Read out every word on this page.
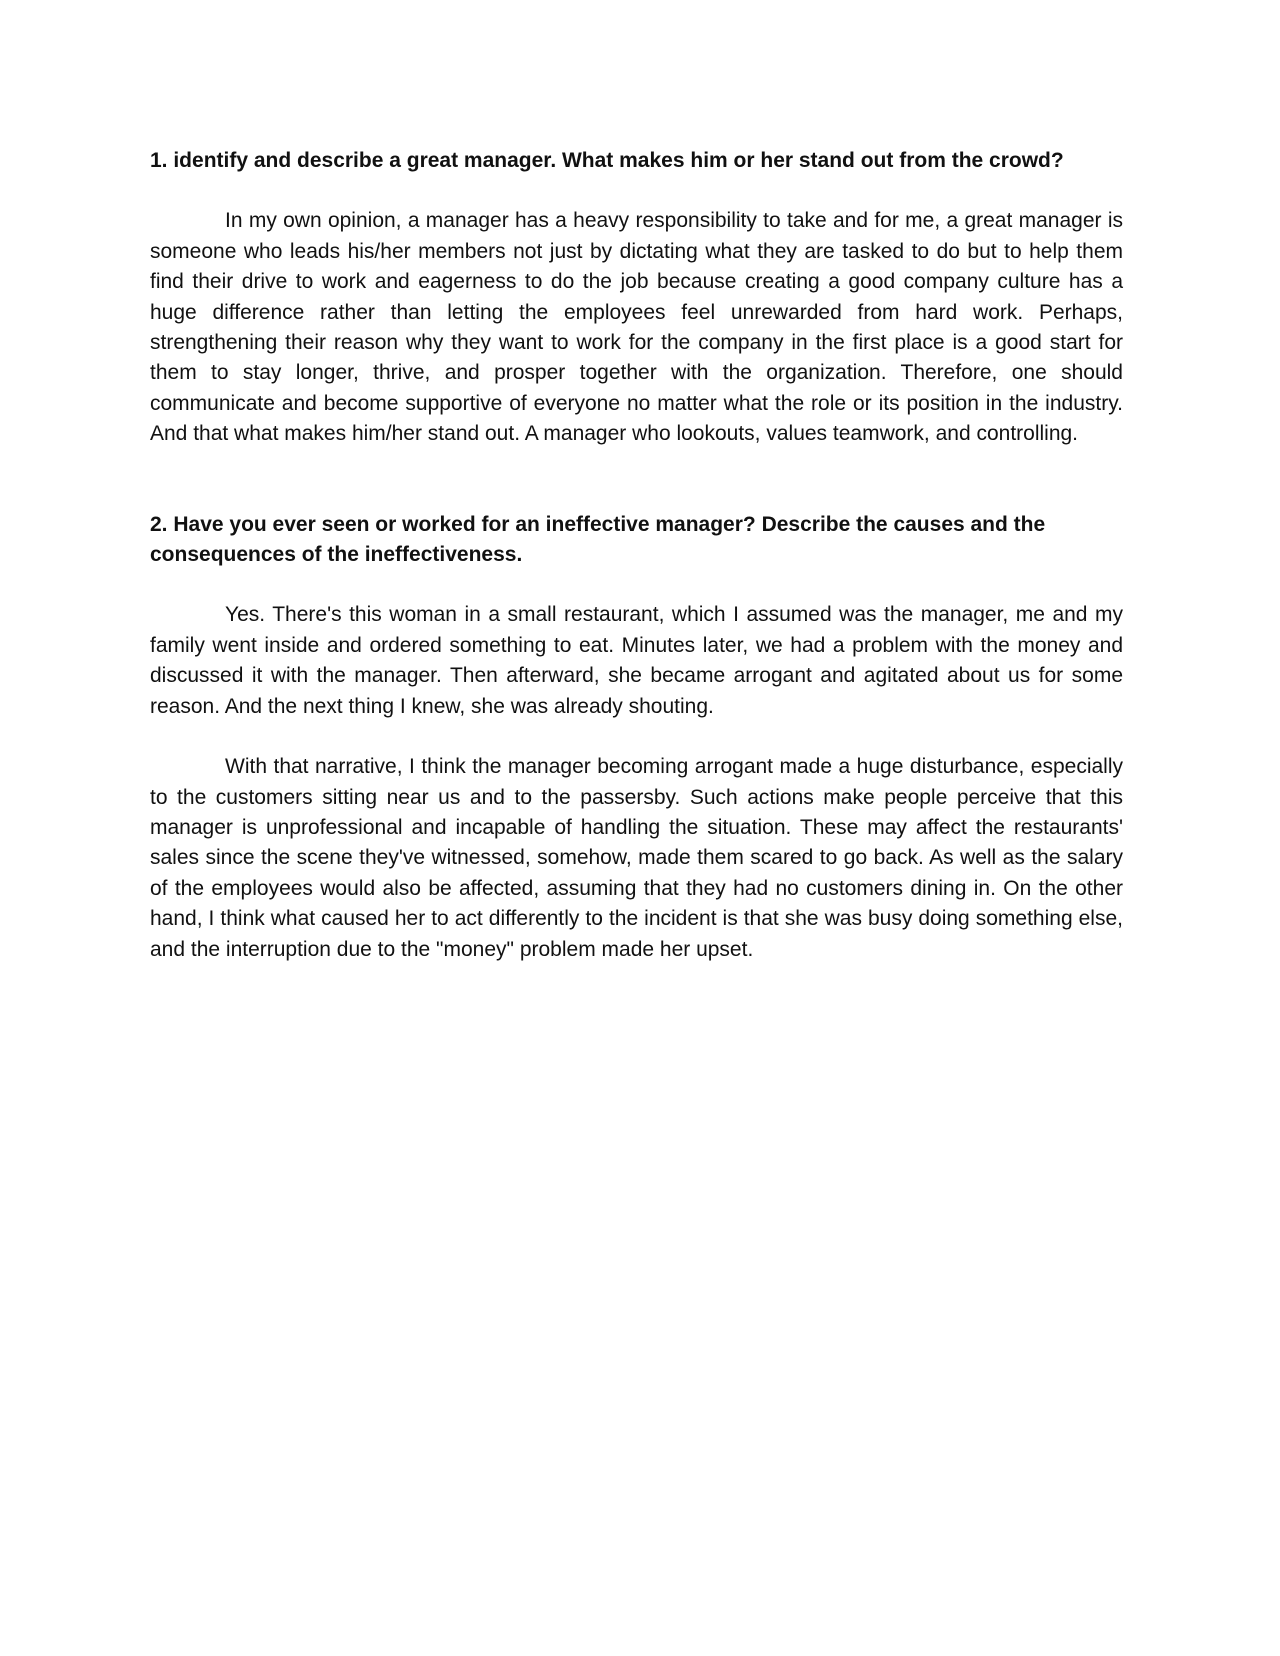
1. identify and describe a great manager. What makes him or her stand out from the crowd?

In my own opinion, a manager has a heavy responsibility to take and for me, a great manager is someone who leads his/her members not just by dictating what they are tasked to do but to help them find their drive to work and eagerness to do the job because creating a good company culture has a huge difference rather than letting the employees feel unrewarded from hard work. Perhaps, strengthening their reason why they want to work for the company in the first place is a good start for them to stay longer, thrive, and prosper together with the organization. Therefore, one should communicate and become supportive of everyone no matter what the role or its position in the industry. And that what makes him/her stand out. A manager who lookouts, values teamwork, and controlling.

2. Have you ever seen or worked for an ineffective manager? Describe the causes and the consequences of the ineffectiveness.

Yes. There's this woman in a small restaurant, which I assumed was the manager, me and my family went inside and ordered something to eat. Minutes later, we had a problem with the money and discussed it with the manager. Then afterward, she became arrogant and agitated about us for some reason. And the next thing I knew, she was already shouting.

With that narrative, I think the manager becoming arrogant made a huge disturbance, especially to the customers sitting near us and to the passersby. Such actions make people perceive that this manager is unprofessional and incapable of handling the situation. These may affect the restaurants' sales since the scene they've witnessed, somehow, made them scared to go back. As well as the salary of the employees would also be affected, assuming that they had no customers dining in. On the other hand, I think what caused her to act differently to the incident is that she was busy doing something else, and the interruption due to the "money" problem made her upset.
